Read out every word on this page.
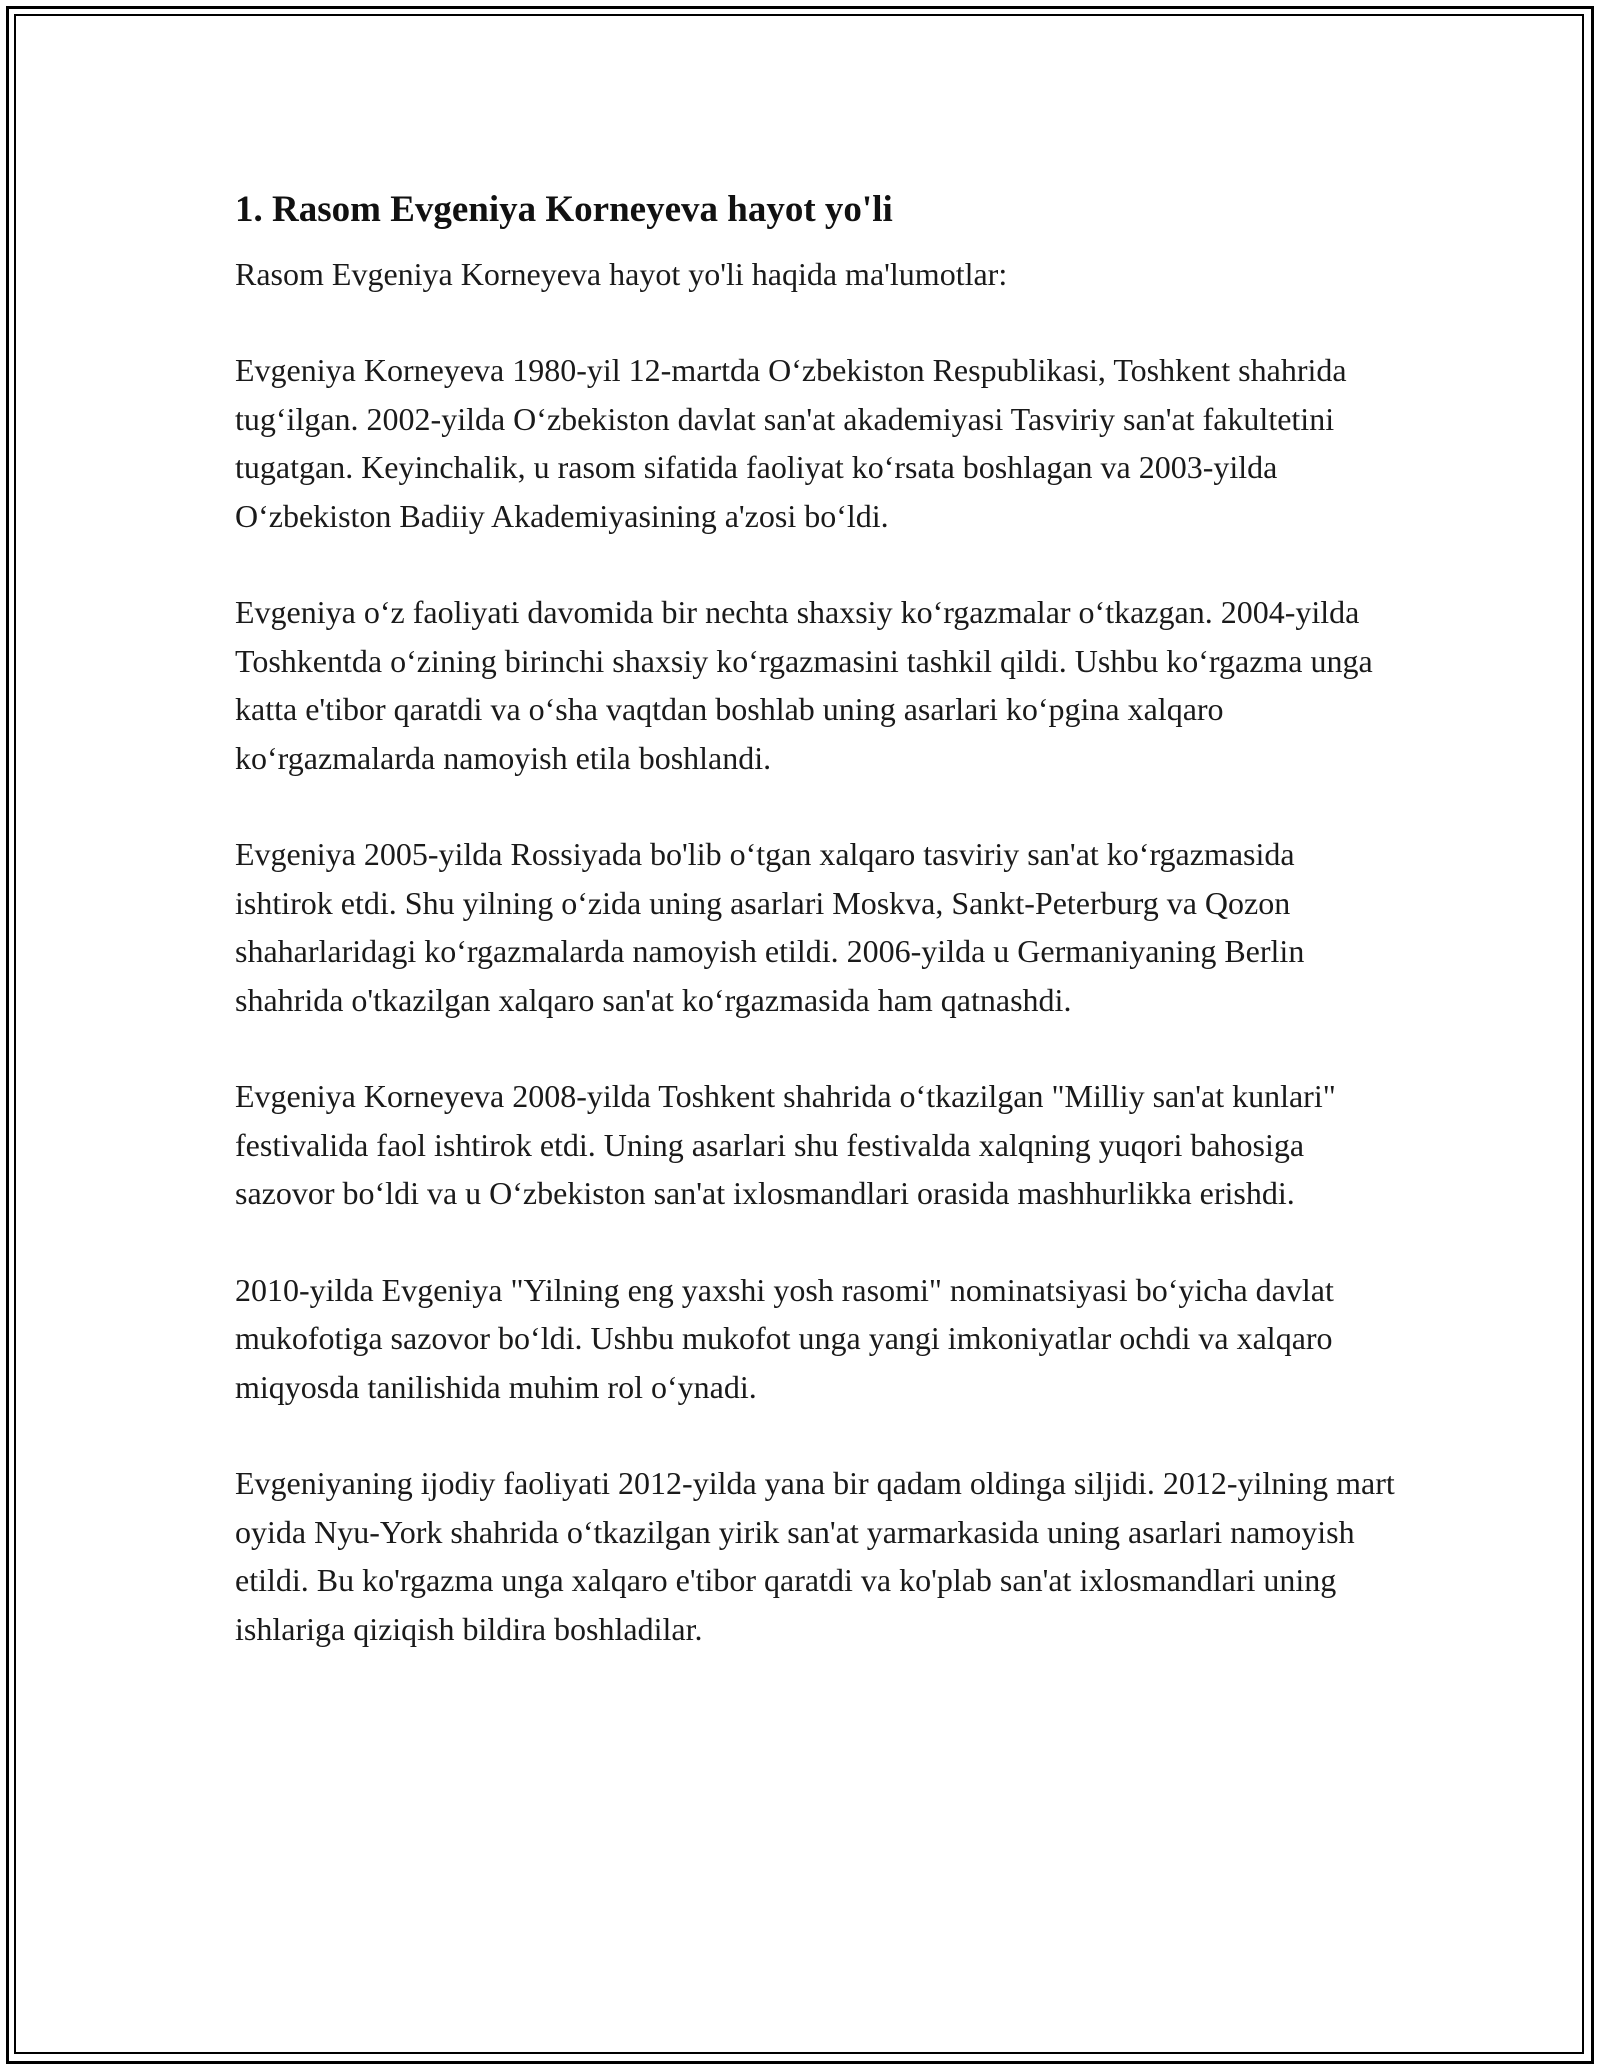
1. Rasom Evgeniya Korneyeva hayot yo'li

Rasom Evgeniya Korneyeva hayot yo'li haqida ma'lumotlar:

Evgeniya Korneyeva 1980-yil 12-martda O‘zbekiston Respublikasi, Toshkent shahrida tug‘ilgan. 2002-yilda O‘zbekiston davlat san'at akademiyasi Tasviriy san'at fakultetini tugatgan. Keyinchalik, u rasom sifatida faoliyat ko‘rsata boshlagan va 2003-yilda O‘zbekiston Badiiy Akademiyasining a'zosi bo‘ldi.

Evgeniya o‘z faoliyati davomida bir nechta shaxsiy ko‘rgazmalar o‘tkazgan. 2004-yilda Toshkentda o‘zining birinchi shaxsiy ko‘rgazmasini tashkil qildi. Ushbu ko‘rgazma unga katta e'tibor qaratdi va o‘sha vaqtdan boshlab uning asarlari ko‘pgina xalqaro ko‘rgazmalarda namoyish etila boshlandi.

Evgeniya 2005-yilda Rossiyada bo'lib o‘tgan xalqaro tasviriy san'at ko‘rgazmasida ishtirok etdi. Shu yilning o‘zida uning asarlari Moskva, Sankt-Peterburg va Qozon shaharlaridagi ko‘rgazmalarda namoyish etildi. 2006-yilda u Germaniyaning Berlin shahrida o'tkazilgan xalqaro san'at ko‘rgazmasida ham qatnashdi.

Evgeniya Korneyeva 2008-yilda Toshkent shahrida o‘tkazilgan "Milliy san'at kunlari" festivalida faol ishtirok etdi. Uning asarlari shu festivalda xalqning yuqori bahosiga sazovor bo‘ldi va u O‘zbekiston san'at ixlosmandlari orasida mashhurlikka erishdi.

2010-yilda Evgeniya "Yilning eng yaxshi yosh rasomi" nominatsiyasi bo‘yicha davlat mukofotiga sazovor bo‘ldi. Ushbu mukofot unga yangi imkoniyatlar ochdi va xalqaro miqyosda tanilishida muhim rol o‘ynadi.

Evgeniyaning ijodiy faoliyati 2012-yilda yana bir qadam oldinga siljidi. 2012-yilning mart oyida Nyu-York shahrida o‘tkazilgan yirik san'at yarmarkasida uning asarlari namoyish etildi. Bu ko'rgazma unga xalqaro e'tibor qaratdi va ko'plab san'at ixlosmandlari uning ishlariga qiziqish bildira boshladilar.
